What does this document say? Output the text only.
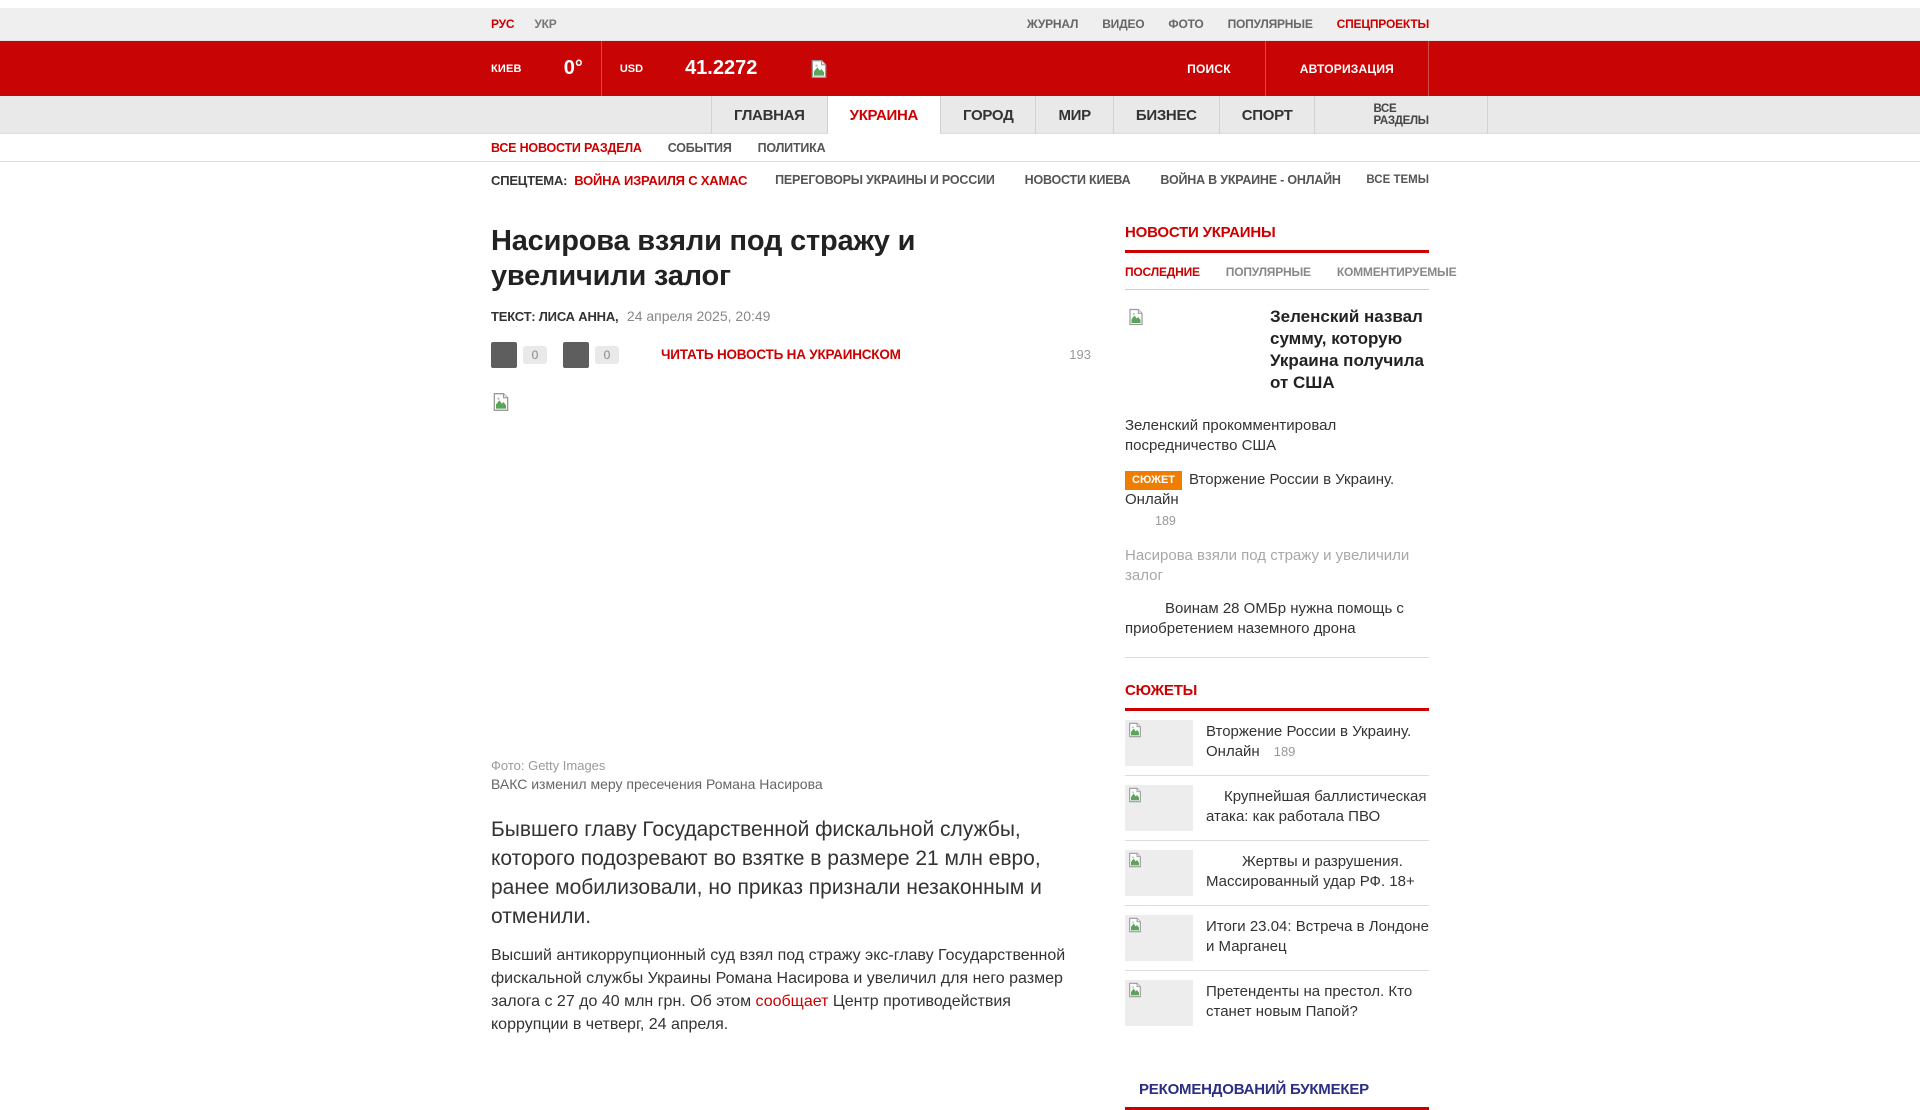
РУС УКР	ЖУРНАЛ ВИДЕО ФОТО ПОПУЛЯРНЫЕ СПЕЦПРОЕКТЫ
КИЕВ 0°	USD 41.2272	ПОИСК	АВТОРИЗАЦИЯ
ГЛАВНАЯ	УКРАИНА	ГОРОД	МИР	БИЗНЕС	СПОРТ	ВСЕ РАЗДЕЛЫ
ВСЕ НОВОСТИ РАЗДЕЛА СОБЫТИЯ ПОЛИТИКА
СПЕЦТЕМА: ВОЙНА ИЗРАИЛЯ С ХАМАС ПЕРЕГОВОРЫ УКРАИНЫ И РОССИИ НОВОСТИ КИЕВА ВОЙНА В УКРАИНЕ - ОНЛАЙН ВСЕ ТЕМЫ
Насирова взяли под стражу и увеличили залог
ТЕКСТ: ЛИСА АННА, 24 апреля 2025, 20:49
0	0	ЧИТАТЬ НОВОСТЬ НА УКРАИНСКОМ	193
Фото: Getty Images
ВАКС изменил меру пресечения Романа Насирова

Бывшего главу Государственной фискальной службы, которого подозревают во взятке в размере 21 млн евро, ранее мобилизовали, но приказ признали незаконным и отменили.

Высший антикоррупционный суд взял под стражу экс-главу Государственной фискальной службы Украины Романа Насирова и увеличил для него размер залога с 27 до 40 млн грн. Об этом сообщает Центр противодействия коррупции в четверг, 24 апреля.

НОВОСТИ УКРАИНЫ
ПОСЛЕДНИЕ ПОПУЛЯРНЫЕ КОММЕНТИРУЕМЫЕ
Зеленский назвал сумму, которую Украина получила от США
Зеленский прокомментировал посредничество США
СЮЖЕТ Вторжение России в Украину. Онлайн
189
Насирова взяли под стражу и увеличили залог
Воинам 28 ОМБр нужна помощь с приобретением наземного дрона
СЮЖЕТЫ
Вторжение России в Украину. Онлайн 189
Крупнейшая баллистическая атака: как работала ПВО
Жертвы и разрушения. Массированный удар РФ. 18+
Итоги 23.04: Встреча в Лондоне и Марганец
Претенденты на престол. Кто станет новым Папой?
РЕКОМЕНДОВАНИЙ БУКМЕКЕР
